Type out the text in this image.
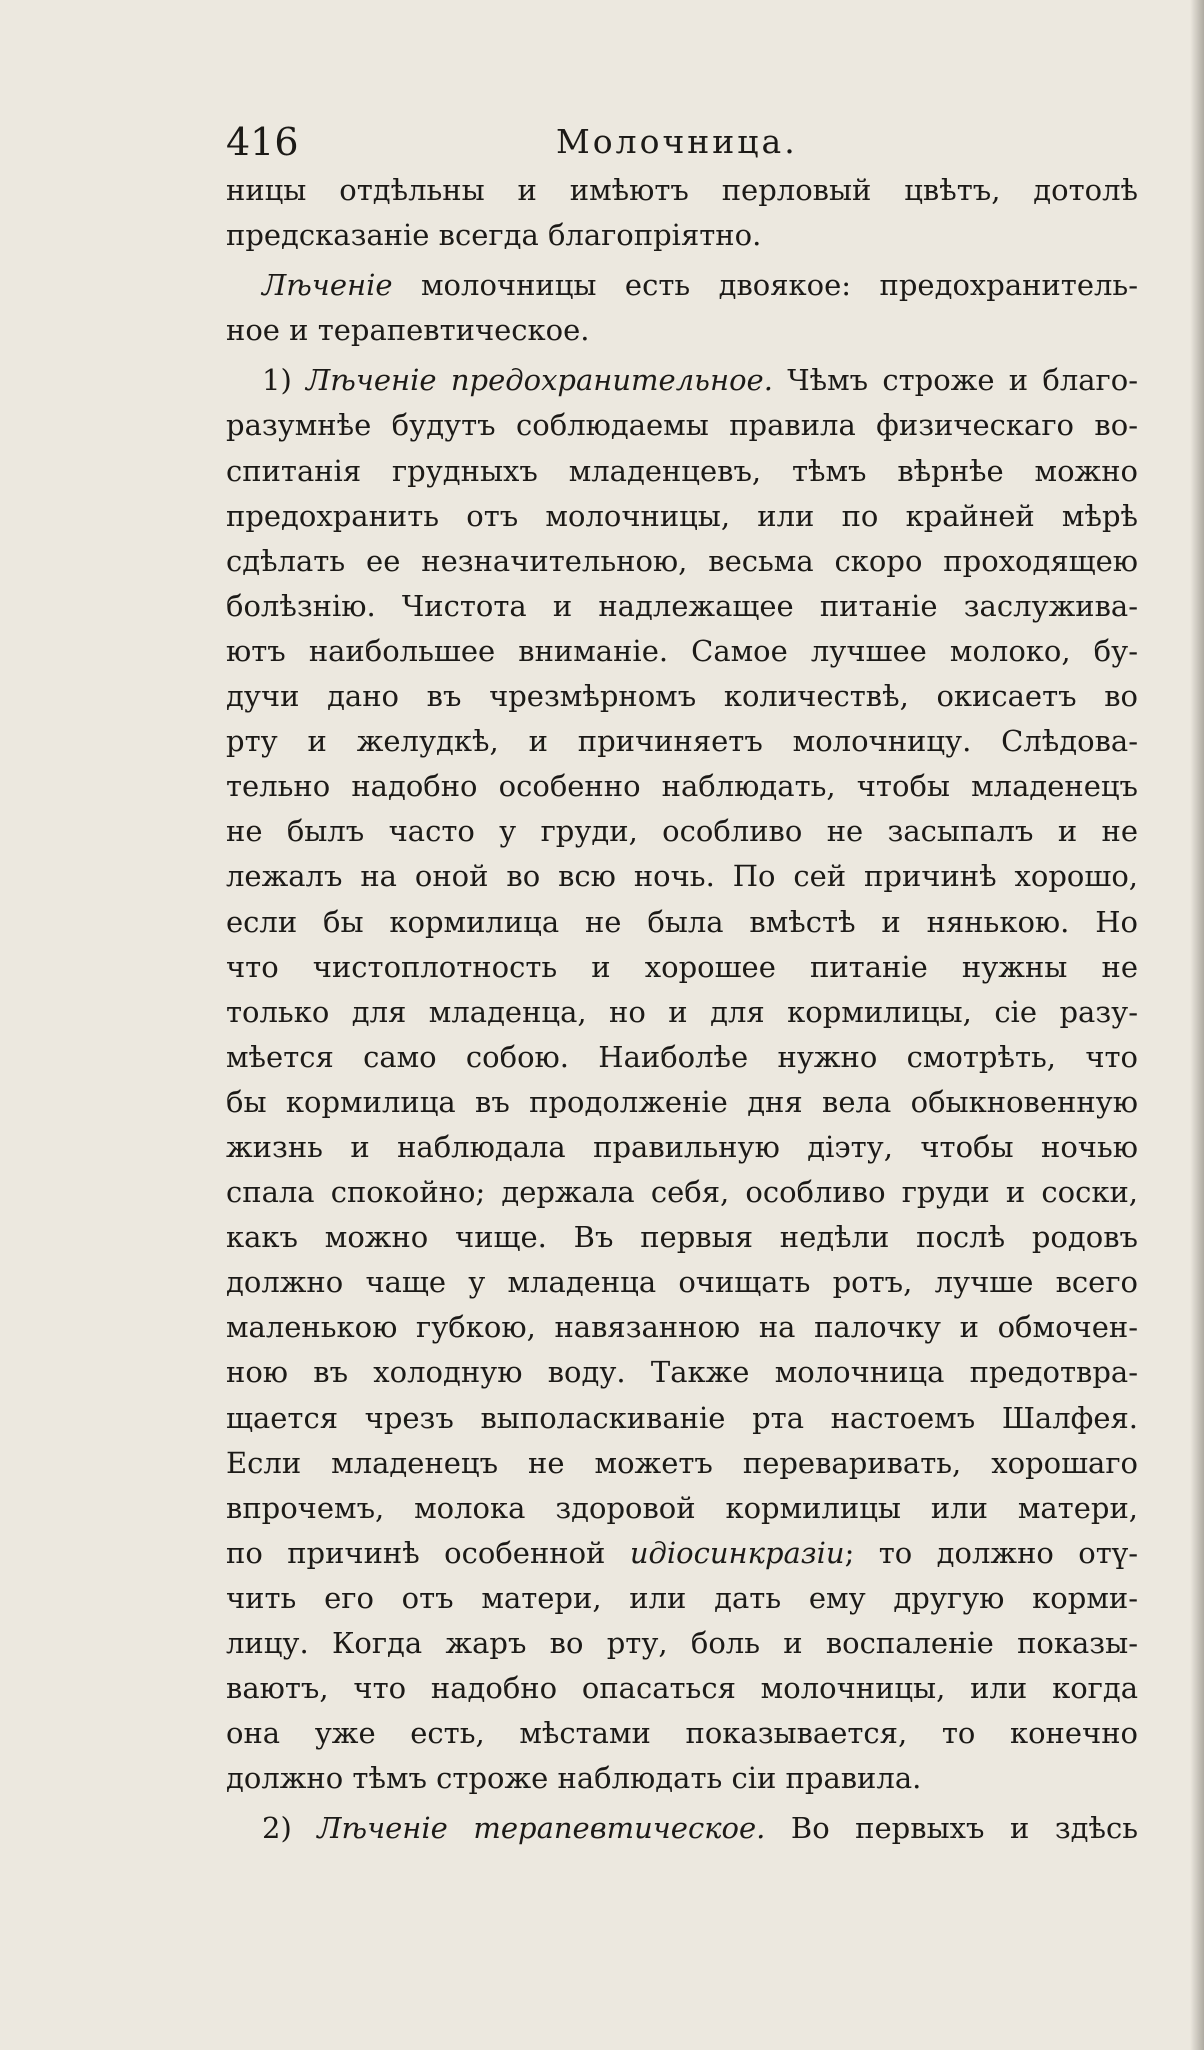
416	Молочница.
ницы отдѣльны и имѣютъ перловый цвѣтъ, дотолѣ
предсказаніе всегда благопріятно.
Лѣченіе молочницы есть двоякое: предохранитель-
ное и терапевтическое.
1) Лѣченіе предохранительное. Чѣмъ строже и благо-
разумнѣе будутъ соблюдаемы правила физическаго во-
спитанія грудныхъ младенцевъ, тѣмъ вѣрнѣе можно
предохранить отъ молочницы, или по крайней мѣрѣ
сдѣлать ее незначительною, весьма скоро проходящею
болѣзнію. Чистота и надлежащее питаніе заслужива-
ютъ наибольшее вниманіе. Самое лучшее молоко, бу-
дучи дано въ чрезмѣрномъ количествѣ, окисаетъ во
рту и желудкѣ, и причиняетъ молочницу. Слѣдова-
тельно надобно особенно наблюдать, чтобы младенецъ
не былъ часто у груди, особливо не засыпалъ и не
лежалъ на оной во всю ночь. По сей причинѣ хорошо,
если бы кормилица не была вмѣстѣ и нянькою. Но
что чистоплотность и хорошее питаніе нужны не
только для младенца, но и для кормилицы, сіе разу-
мѣется само собою. Наиболѣе нужно смотрѣть, что
бы кормилица въ продолженіе дня вела обыкновенную
жизнь и наблюдала правильную діэту, чтобы ночью
спала спокойно; держала себя, особливо груди и соски,
какъ можно чище. Въ первыя недѣли послѣ родовъ
должно чаще у младенца очищать ротъ, лучше всего
маленькою губкою, навязанною на палочку и обмочен-
ною въ холодную воду. Также молочница предотвра-
щается чрезъ выполаскиваніе рта настоемъ Шалфея.
Если младенецъ не можетъ переваривать, хорошаго
впрочемъ, молока здоровой кормилицы или матери,
по причинѣ особенной идіосинкразіи; то должно отү-
чить его отъ матери, или дать ему другую корми-
лицу. Когда жаръ во рту, боль и воспаленіе показы-
ваютъ, что надобно опасаться молочницы, или когда
она уже есть, мѣстами показывается, то конечно
должно тѣмъ строже наблюдать сіи правила.
2) Лѣченіе терапевтическое. Во первыхъ и здѣсь
